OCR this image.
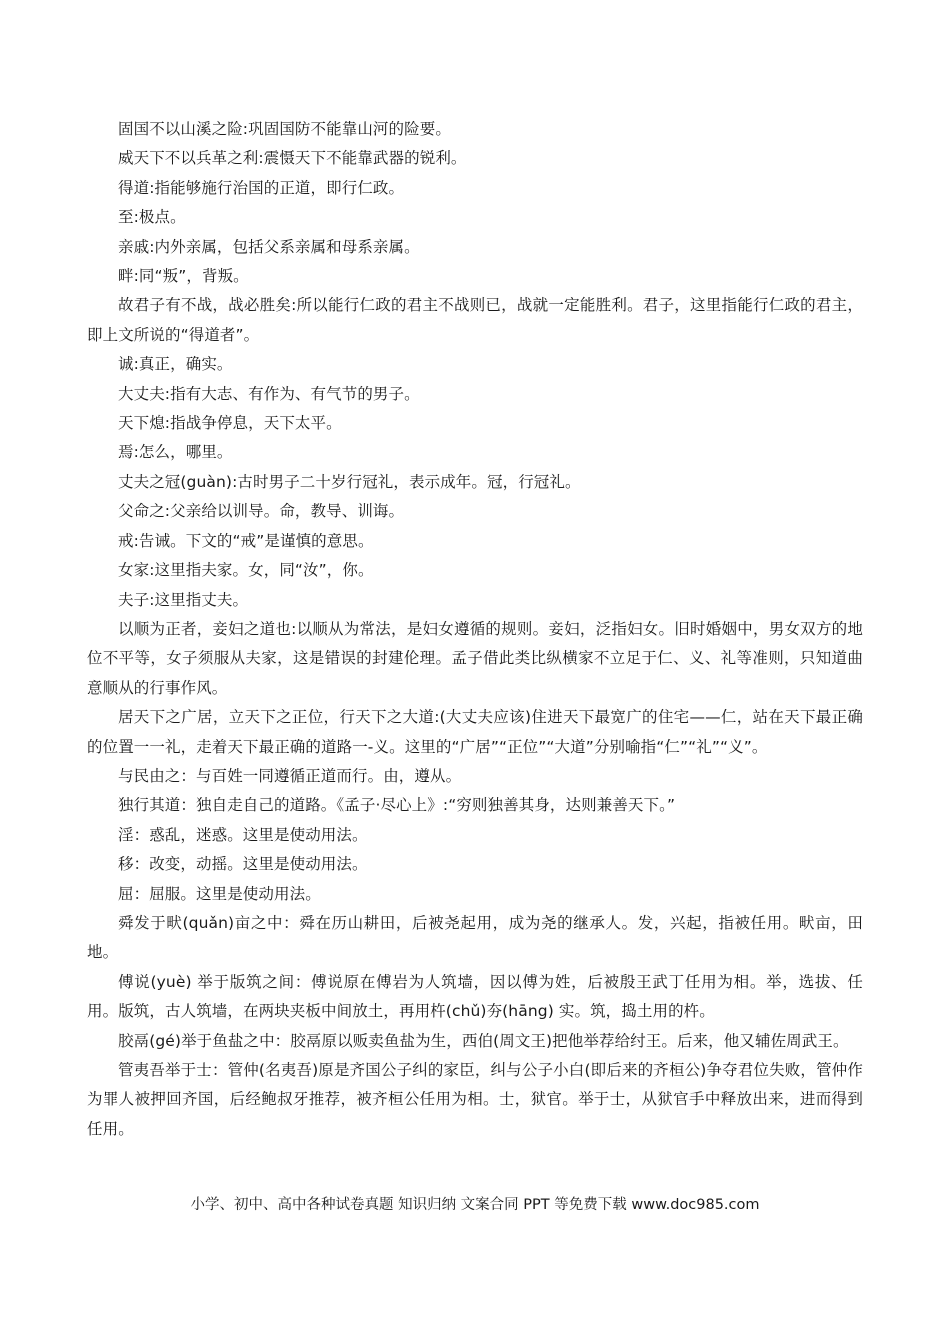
固国不以山溪之险:巩固国防不能靠山河的险要。

威天下不以兵革之利:震慑天下不能靠武器的锐利。

得道:指能够施行治国的正道，即行仁政。

至:极点。

亲戚:内外亲属，包括父系亲属和母系亲属。

畔:同“叛”，背叛。

故君子有不战，战必胜矣:所以能行仁政的君主不战则已，战就一定能胜利。君子，这里指能行仁政的君主，即上文所说的“得道者”。

诚:真正，确实。

大丈夫:指有大志、有作为、有气节的男子。

天下熄:指战争停息，天下太平。

焉:怎么，哪里。

丈夫之冠(guàn):古时男子二十岁行冠礼，表示成年。冠，行冠礼。

父命之:父亲给以训导。命，教导、训诲。

戒:告诫。下文的“戒”是谨慎的意思。

女家:这里指夫家。女，同“汝”，你。

夫子:这里指丈夫。

以顺为正者，妾妇之道也:以顺从为常法，是妇女遵循的规则。妾妇，泛指妇女。旧时婚姻中，男女双方的地位不平等，女子须服从夫家，这是错误的封建伦理。孟子借此类比纵横家不立足于仁、义、礼等准则，只知道曲意顺从的行事作风。

居天下之广居，立天下之正位，行天下之大道:(大丈夫应该)住进天下最宽广的住宅——仁，站在天下最正确的位置一一礼，走着天下最正确的道路一-义。这里的“广居”“正位”“大道”分别喻指“仁”“礼”“义”。

与民由之：与百姓一同遵循正道而行。由，遵从。

独行其道：独自走自己的道路。《孟子·尽心上》:“穷则独善其身，达则兼善天下。”

淫：惑乱，迷惑。这里是使动用法。

移：改变，动摇。这里是使动用法。

屈：屈服。这里是使动用法。

舜发于畎(quǎn)亩之中：舜在历山耕田，后被尧起用，成为尧的继承人。发，兴起，指被任用。畎亩，田地。

傅说(yuè) 举于版筑之间：傅说原在傅岩为人筑墙，因以傅为姓，后被殷王武丁任用为相。举，选拔、任用。版筑，古人筑墙，在两块夹板中间放土，再用杵(chǔ)夯(hāng) 实。筑，捣土用的杵。

胶鬲(gé)举于鱼盐之中：胶鬲原以贩卖鱼盐为生，西伯(周文王)把他举荐给纣王。后来，他又辅佐周武王。

管夷吾举于士：管仲(名夷吾)原是齐国公子纠的家臣，纠与公子小白(即后来的齐桓公)争夺君位失败，管仲作为罪人被押回齐国，后经鲍叔牙推荐，被齐桓公任用为相。士，狱官。举于士，从狱官手中释放出来，进而得到任用。

小学、初中、高中各种试卷真题 知识归纳 文案合同 PPT 等免费下载 www.doc985.com
